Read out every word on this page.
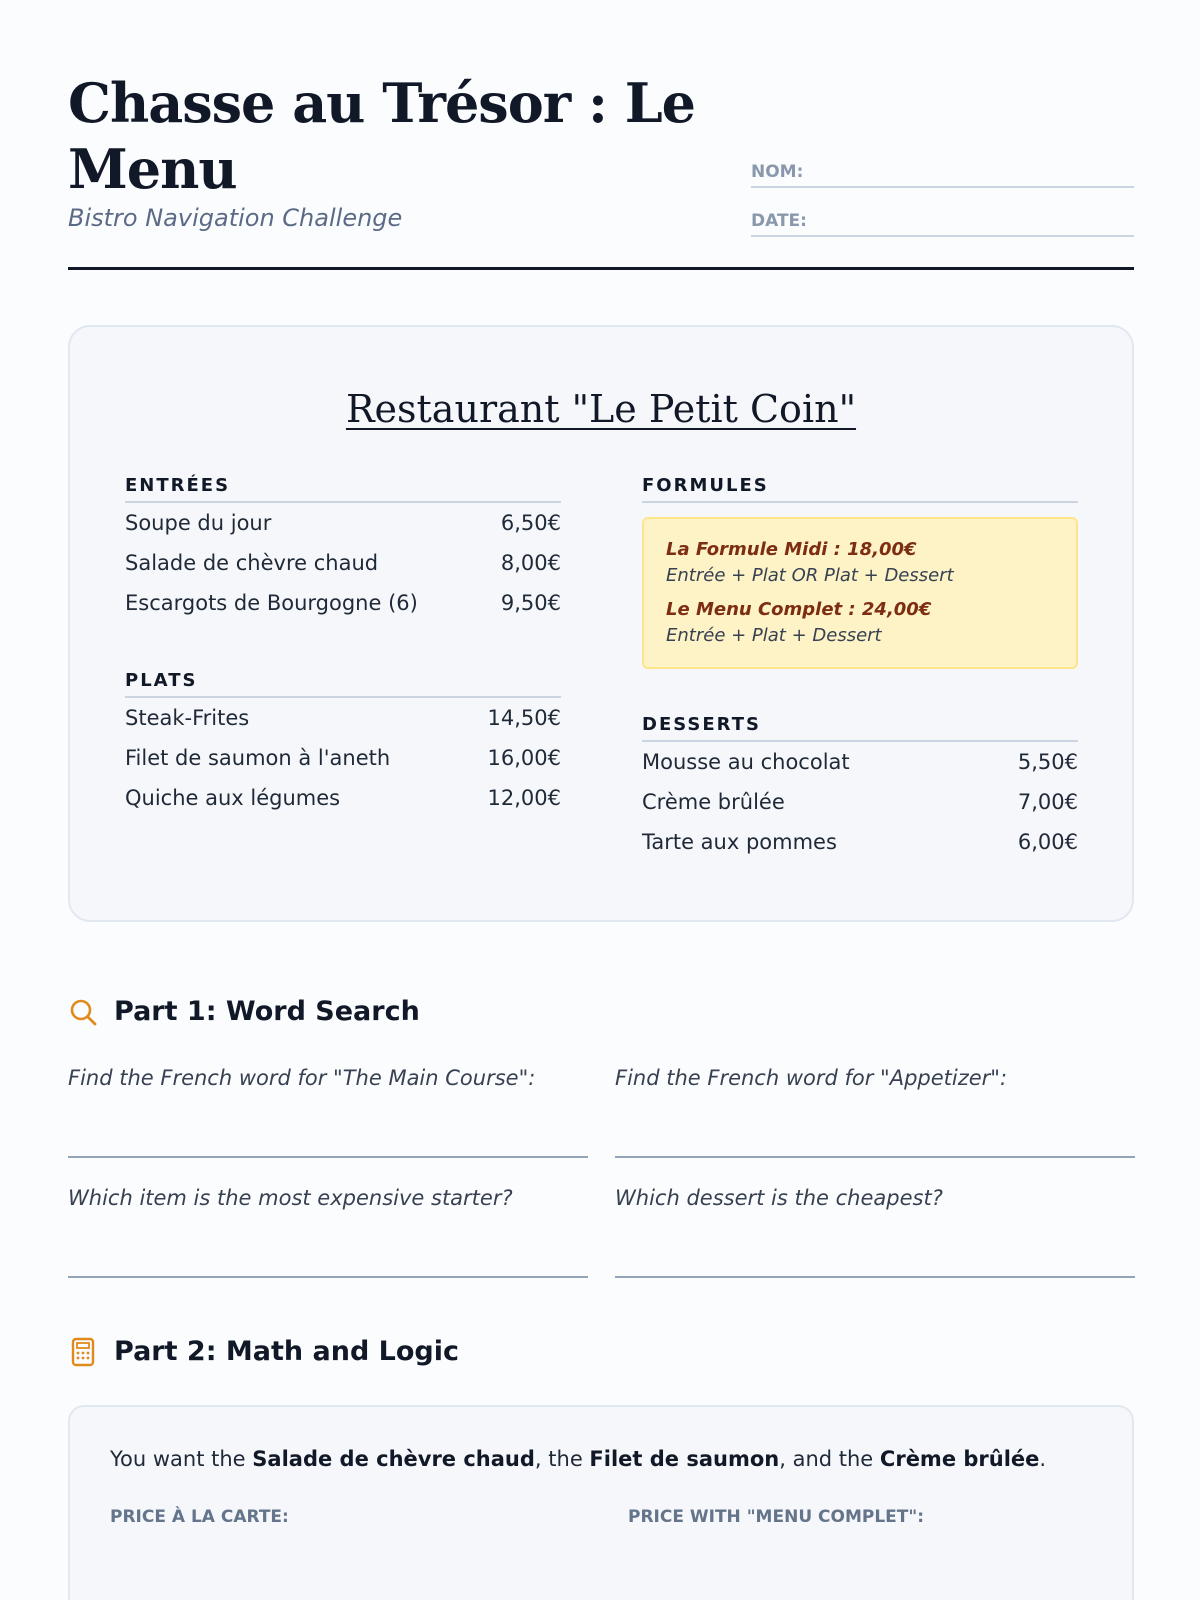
Chasse au Trésor : Le Menu
Bistro Navigation Challenge
NOM:
DATE:
Restaurant "Le Petit Coin"
ENTRÉES
Soupe du jour	6,50€
Salade de chèvre chaud	8,00€
Escargots de Bourgogne (6)	9,50€
PLATS
Steak-Frites	14,50€
Filet de saumon à l'aneth	16,00€
Quiche aux légumes	12,00€
FORMULES
La Formule Midi : 18,00€
Entrée + Plat OR Plat + Dessert
Le Menu Complet : 24,00€
Entrée + Plat + Dessert
DESSERTS
Mousse au chocolat	5,50€
Crème brûlée	7,00€
Tarte aux pommes	6,00€
Part 1: Word Search
Find the French word for "The Main Course":	Find the French word for "Appetizer":
Which item is the most expensive starter?	Which dessert is the cheapest?
Part 2: Math and Logic
You want the Salade de chèvre chaud, the Filet de saumon, and the Crème brûlée.
PRICE À LA CARTE:	PRICE WITH "MENU COMPLET":
